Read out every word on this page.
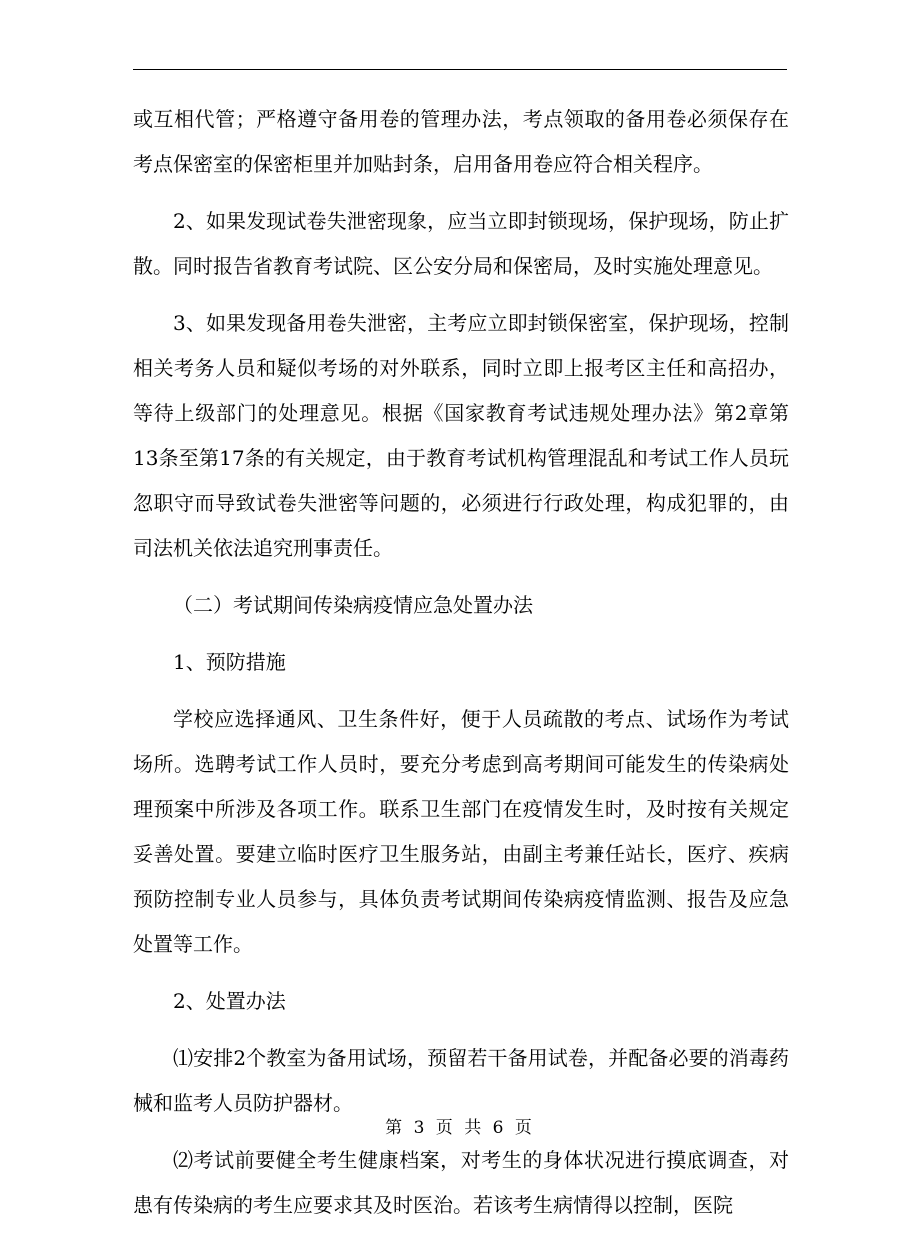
或互相代管；严格遵守备用卷的管理办法，考点领取的备用卷必须保存在考点保密室的保密柜里并加贴封条，启用备用卷应符合相关程序。

2、如果发现试卷失泄密现象，应当立即封锁现场，保护现场，防止扩散。同时报告省教育考试院、区公安分局和保密局，及时实施处理意见。

3、如果发现备用卷失泄密，主考应立即封锁保密室，保护现场，控制相关考务人员和疑似考场的对外联系，同时立即上报考区主任和高招办，等待上级部门的处理意见。根据《国家教育考试违规处理办法》第2章第13条至第17条的有关规定，由于教育考试机构管理混乱和考试工作人员玩忽职守而导致试卷失泄密等问题的，必须进行行政处理，构成犯罪的，由司法机关依法追究刑事责任。

（二）考试期间传染病疫情应急处置办法

1、预防措施

学校应选择通风、卫生条件好，便于人员疏散的考点、试场作为考试场所。选聘考试工作人员时，要充分考虑到高考期间可能发生的传染病处理预案中所涉及各项工作。联系卫生部门在疫情发生时，及时按有关规定妥善处置。要建立临时医疗卫生服务站，由副主考兼任站长，医疗、疾病预防控制专业人员参与，具体负责考试期间传染病疫情监测、报告及应急处置等工作。

2、处置办法

⑴安排2个教室为备用试场，预留若干备用试卷，并配备必要的消毒药械和监考人员防护器材。

⑵考试前要健全考生健康档案，对考生的身体状况进行摸底调查，对患有传染病的考生应要求其及时医治。若该考生病情得以控制，医院

第 3 页 共 6 页
